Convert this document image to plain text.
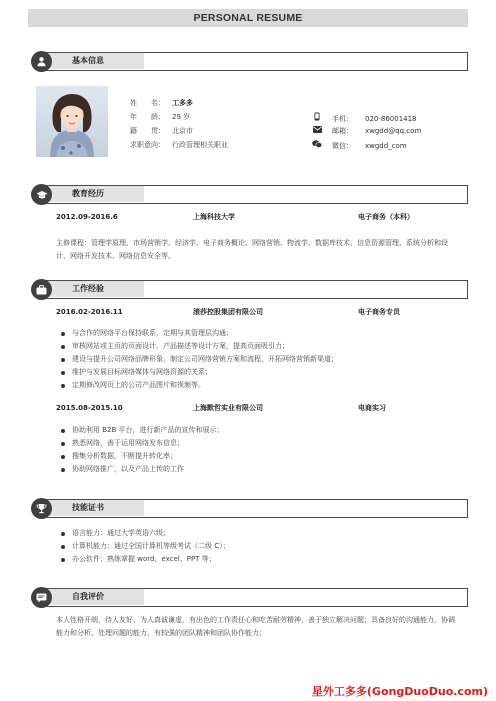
PERSONAL RESUME
基本信息
姓　　名： 工多多
年　　龄： 29 岁
籍　　贯： 北京市
求职意向： 行政管理相关职业
手机： 020-86001418
邮箱： xwgdd@qq.com
微信： xwgdd_com
教育经历
2012.09-2016.6	上海科技大学	电子商务（本科）
主修课程：管理学原理、市场营销学、经济学、电子商务概论、网络营销、物流学、数据库技术、信息资源管理、系统分析和设计、网络开发技术、网络信息安全等。
工作经验
2016.02-2016.11	滚莎控股集团有限公司	电子商务专员
与合作的网络平台保持联系，定期与其管理层沟通；
审核网站或主页的页面设计、产品描述等设计方案，提高页面吸引力；
建设与提升公司网络品牌形象，制定公司网络营销方案和流程，开拓网络营销新渠道；
维护与发展目标网络媒体与网络资源的关系；
定期修改网页上的公司产品图片和视频等。
2015.08-2015.10	上海默哲实业有限公司	电商实习
协助利用 B2B 平台，进行新产品的宣传和展示；
熟悉网络，善于运用网络发布信息；
搜集分析数据，不断提升转化率；
协助网络推广，以及产品上传的工作
技能证书
语言能力：通过大学英语六级；
计算机能力：通过全国计算机等级考试（二级 C）；
办公软件：熟练掌握 word、excel、PPT 等；
自我评价
本人性格开朗，待人友好，为人真诚谦虚，有出色的工作责任心和吃苦耐劳精神，善于独立解决问题；具备良好的沟通能力、协调能力和分析、处理问题的能力，有较强的团队精神和团队协作能力；
星外工多多(GongDuoDuo.com)
